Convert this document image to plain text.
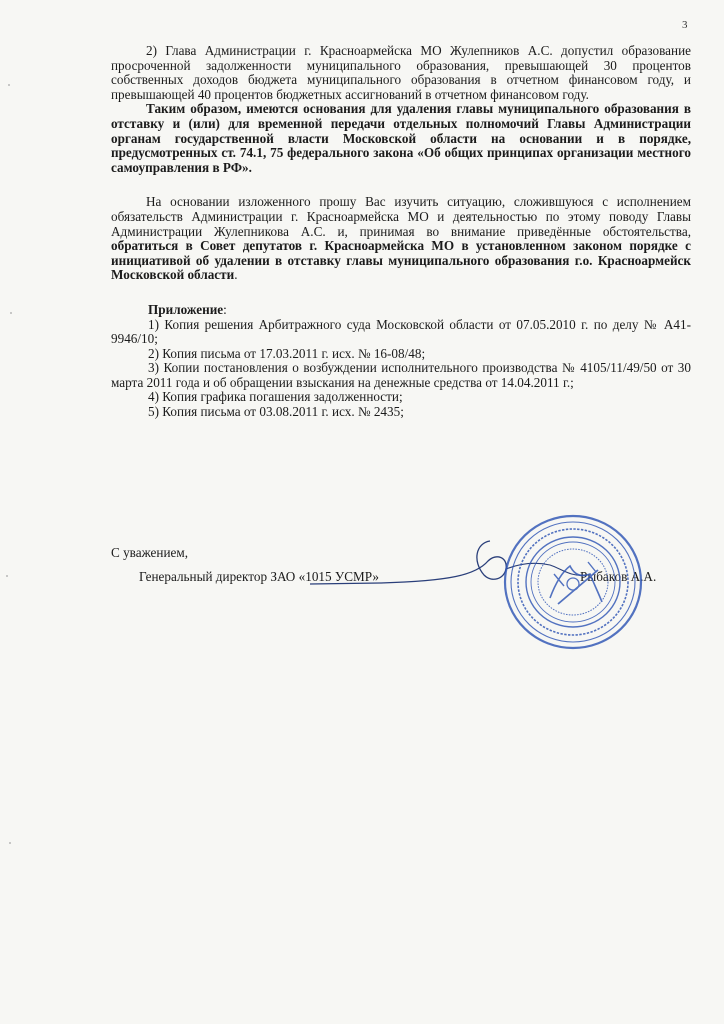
3

2) Глава Администрации г. Красноармейска МО Жулепников А.С. допустил образование просроченной задолженности муниципального образования, превышающей 30 процентов собственных доходов бюджета муниципального образования в отчетном финансовом году, и превышающей 40 процентов бюджетных ассигнований в отчетном финансовом году.

Таким образом, имеются основания для удаления главы муниципального образования в отставку и (или) для временной передачи отдельных полномочий Главы Администрации органам государственной власти Московской области на основании и в порядке, предусмотренных ст. 74.1, 75 федерального закона «Об общих принципах организации местного самоуправления в РФ».

На основании изложенного прошу Вас изучить ситуацию, сложившуюся с исполнением обязательств Администрации г. Красноармейска МО и деятельностью по этому поводу Главы Администрации Жулепникова А.С. и, принимая во внимание приведённые обстоятельства, обратиться в Совет депутатов г. Красноармейска МО в установленном законом порядке с инициативой об удалении в отставку главы муниципального образования г.о. Красноармейск Московской области.

Приложение:

1) Копия решения Арбитражного суда Московской области от 07.05.2010 г. по делу № А41-9946/10;
2) Копия письма от 17.03.2011 г. исх. № 16-08/48;
3) Копии постановления о возбуждении исполнительного производства № 4105/11/49/50 от 30 марта 2011 года и об обращении взыскания на денежные средства от 14.04.2011 г.;
4) Копия графика погашения задолженности;
5) Копия письма от 03.08.2011 г. исх. № 2435;
С уважением,
Генеральный директор ЗАО «1015 УСМР»	Рыбаков А.А.
